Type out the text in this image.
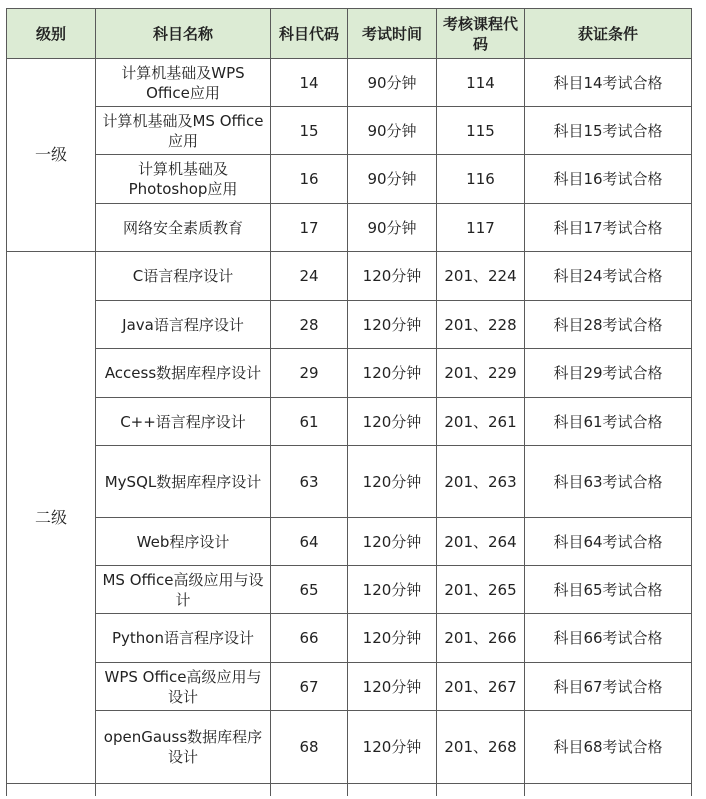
级别	科目名称	科目代码	考试时间	考核课程代码	获证条件
一级	计算机基础及WPS Office应用	14	90分钟	114	科目14考试合格
	计算机基础及MS Office应用	15	90分钟	115	科目15考试合格
	计算机基础及Photoshop应用	16	90分钟	116	科目16考试合格
	网络安全素质教育	17	90分钟	117	科目17考试合格
二级	C语言程序设计	24	120分钟	201、224	科目24考试合格
	Java语言程序设计	28	120分钟	201、228	科目28考试合格
	Access数据库程序设计	29	120分钟	201、229	科目29考试合格
	C++语言程序设计	61	120分钟	201、261	科目61考试合格
	MySQL数据库程序设计	63	120分钟	201、263	科目63考试合格
	Web程序设计	64	120分钟	201、264	科目64考试合格
	MS Office高级应用与设计	65	120分钟	201、265	科目65考试合格
	Python语言程序设计	66	120分钟	201、266	科目66考试合格
	WPS Office高级应用与设计	67	120分钟	201、267	科目67考试合格
	openGauss数据库程序设计	68	120分钟	201、268	科目68考试合格
